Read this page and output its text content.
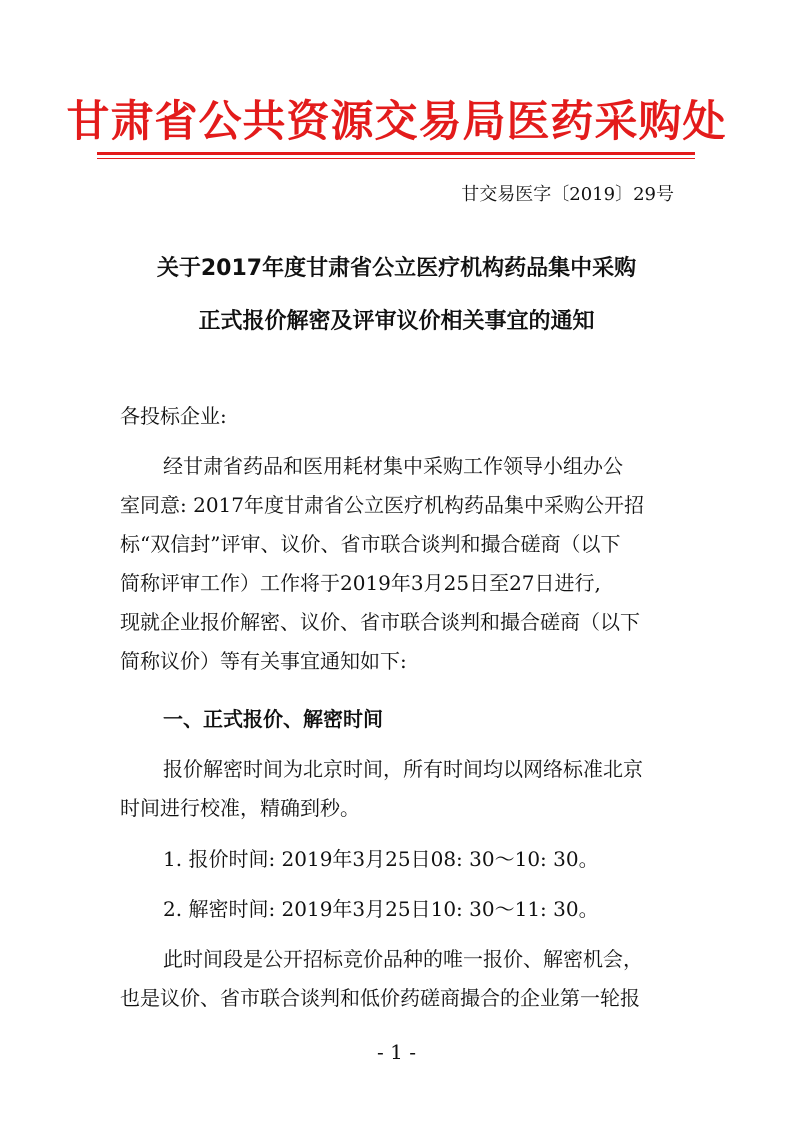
甘肃省公共资源交易局医药采购处
甘交易医字〔2019〕29号
关于2017年度甘肃省公立医疗机构药品集中采购
正式报价解密及评审议价相关事宜的通知
各投标企业:
经甘肃省药品和医用耗材集中采购工作领导小组办公
室同意: 2017年度甘肃省公立医疗机构药品集中采购公开招
标“双信封”评审、议价、省市联合谈判和撮合磋商（以下
简称评审工作）工作将于2019年3月25日至27日进行,
现就企业报价解密、议价、省市联合谈判和撮合磋商（以下
简称议价）等有关事宜通知如下:
一、正式报价、解密时间
报价解密时间为北京时间，所有时间均以网络标准北京
时间进行校准，精确到秒。
1. 报价时间: 2019年3月25日08: 30～10: 30。
2. 解密时间: 2019年3月25日10: 30～11: 30。
此时间段是公开招标竞价品种的唯一报价、解密机会，
也是议价、省市联合谈判和低价药磋商撮合的企业第一轮报
- 1 -
